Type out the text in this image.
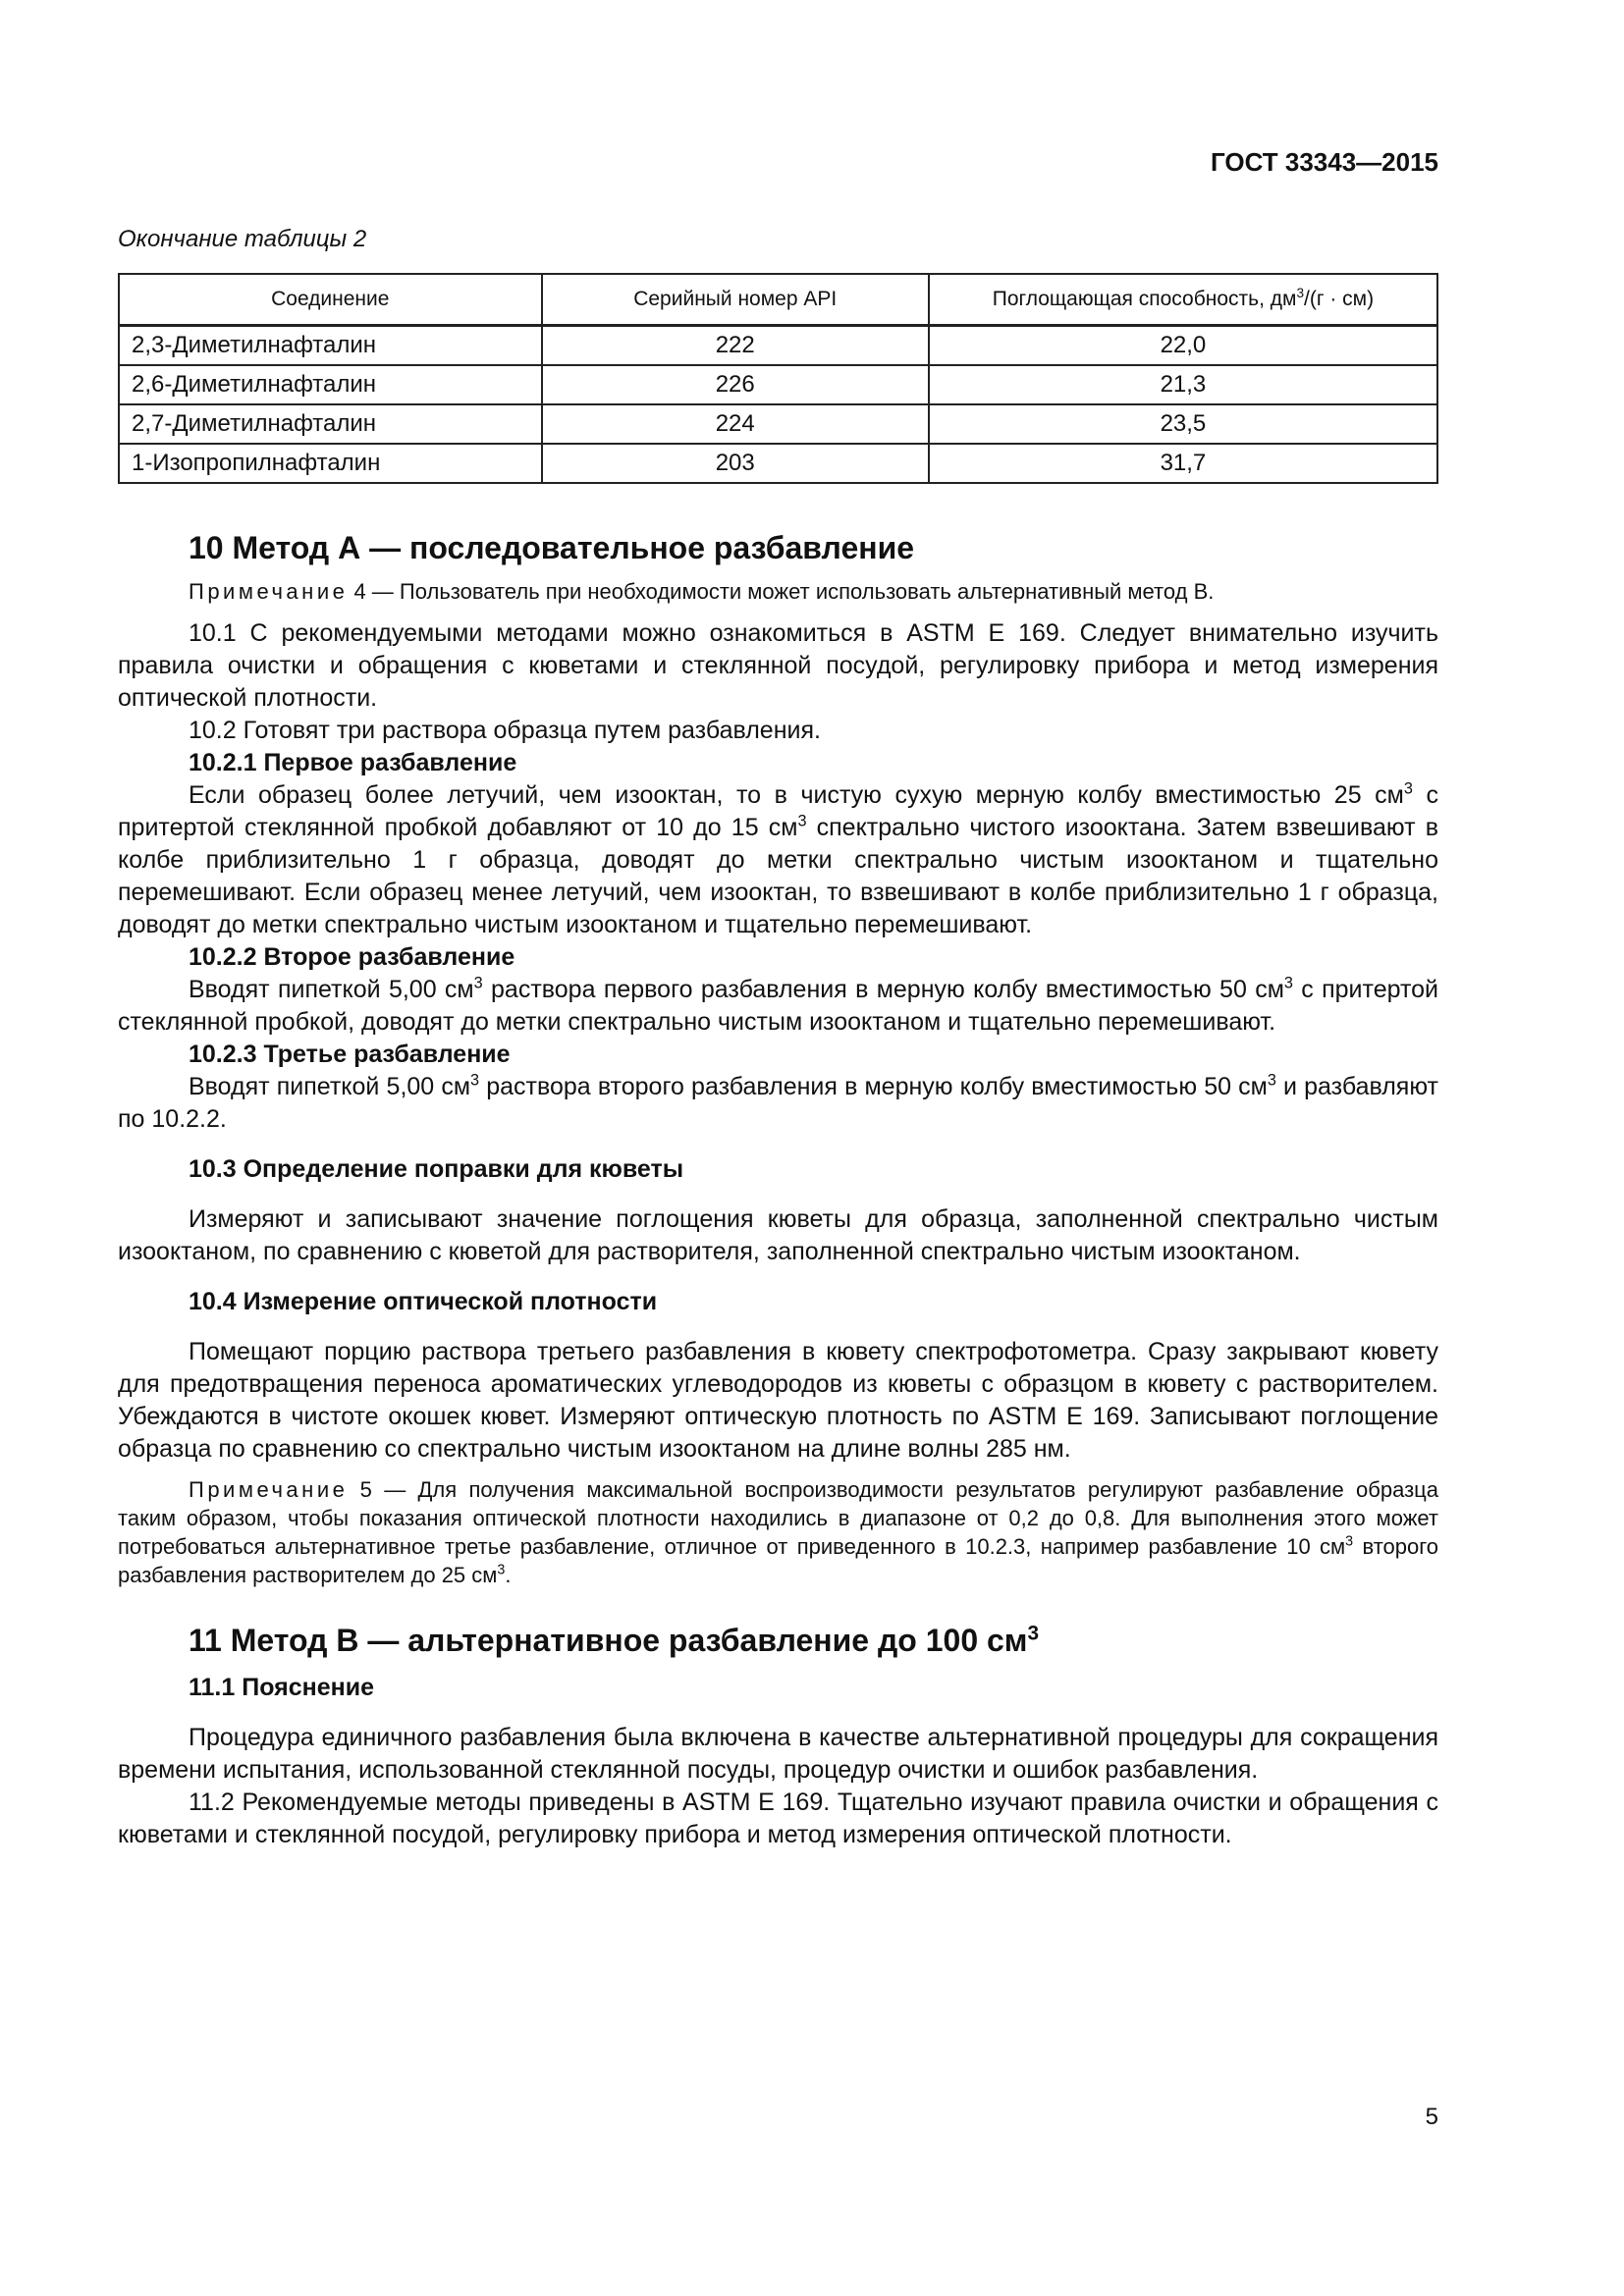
ГОСТ 33343—2015
Окончание таблицы 2
Соединение	Серийный номер API	Поглощающая способность, $дм^3/(г \cdot см)$
2,3-Диметилнафталин	222	22,0
2,6-Диметилнафталин	226	21,3
2,7-Диметилнафталин	224	23,5
1-Изопропилнафталин	203	31,7
10 Метод А — последовательное разбавление

Примечание 4 — Пользователь при необходимости может использовать альтернативный метод В.

10.1 С рекомендуемыми методами можно ознакомиться в ASTM E 169. Следует внимательно изучить правила очистки и обращения с кюветами и стеклянной посудой, регулировку прибора и метод измерения оптической плотности.

10.2 Готовят три раствора образца путем разбавления.

10.2.1 Первое разбавление

Если образец более летучий, чем изооктан, то в чистую сухую мерную колбу вместимостью 25 $см^3$ с притертой стеклянной пробкой добавляют от 10 до 15 $см^3$ спектрально чистого изооктана. Затем взвешивают в колбе приблизительно 1 г образца, доводят до метки спектрально чистым изооктаном и тщательно перемешивают. Если образец менее летучий, чем изооктан, то взвешивают в колбе приблизительно 1 г образца, доводят до метки спектрально чистым изооктаном и тщательно перемешивают.

10.2.2 Второе разбавление

Вводят пипеткой 5,00 $см^3$ раствора первого разбавления в мерную колбу вместимостью 50 $см^3$ с притертой стеклянной пробкой, доводят до метки спектрально чистым изооктаном и тщательно перемешивают.

10.2.3 Третье разбавление

Вводят пипеткой 5,00 $см^3$ раствора второго разбавления в мерную колбу вместимостью 50 $см^3$ и разбавляют по 10.2.2.

10.3 Определение поправки для кюветы

Измеряют и записывают значение поглощения кюветы для образца, заполненной спектрально чистым изооктаном, по сравнению с кюветой для растворителя, заполненной спектрально чистым изооктаном.

10.4 Измерение оптической плотности

Помещают порцию раствора третьего разбавления в кювету спектрофотометра. Сразу закрывают кювету для предотвращения переноса ароматических углеводородов из кюветы с образцом в кювету с растворителем. Убеждаются в чистоте окошек кювет. Измеряют оптическую плотность по ASTM E 169. Записывают поглощение образца по сравнению со спектрально чистым изооктаном на длине волны 285 нм.

Примечание 5 — Для получения максимальной воспроизводимости результатов регулируют разбавление образца таким образом, чтобы показания оптической плотности находились в диапазоне от 0,2 до 0,8. Для выполнения этого может потребоваться альтернативное третье разбавление, отличное от приведенного в 10.2.3, например разбавление 10 $см^3$ второго разбавления растворителем до 25 $см^3$.

11 Метод В — альтернативное разбавление до 100 $см^3$
11.1 Пояснение

Процедура единичного разбавления была включена в качестве альтернативной процедуры для сокращения времени испытания, использованной стеклянной посуды, процедур очистки и ошибок разбавления.

11.2 Рекомендуемые методы приведены в ASTM E 169. Тщательно изучают правила очистки и обращения с кюветами и стеклянной посудой, регулировку прибора и метод измерения оптической плотности.

5
